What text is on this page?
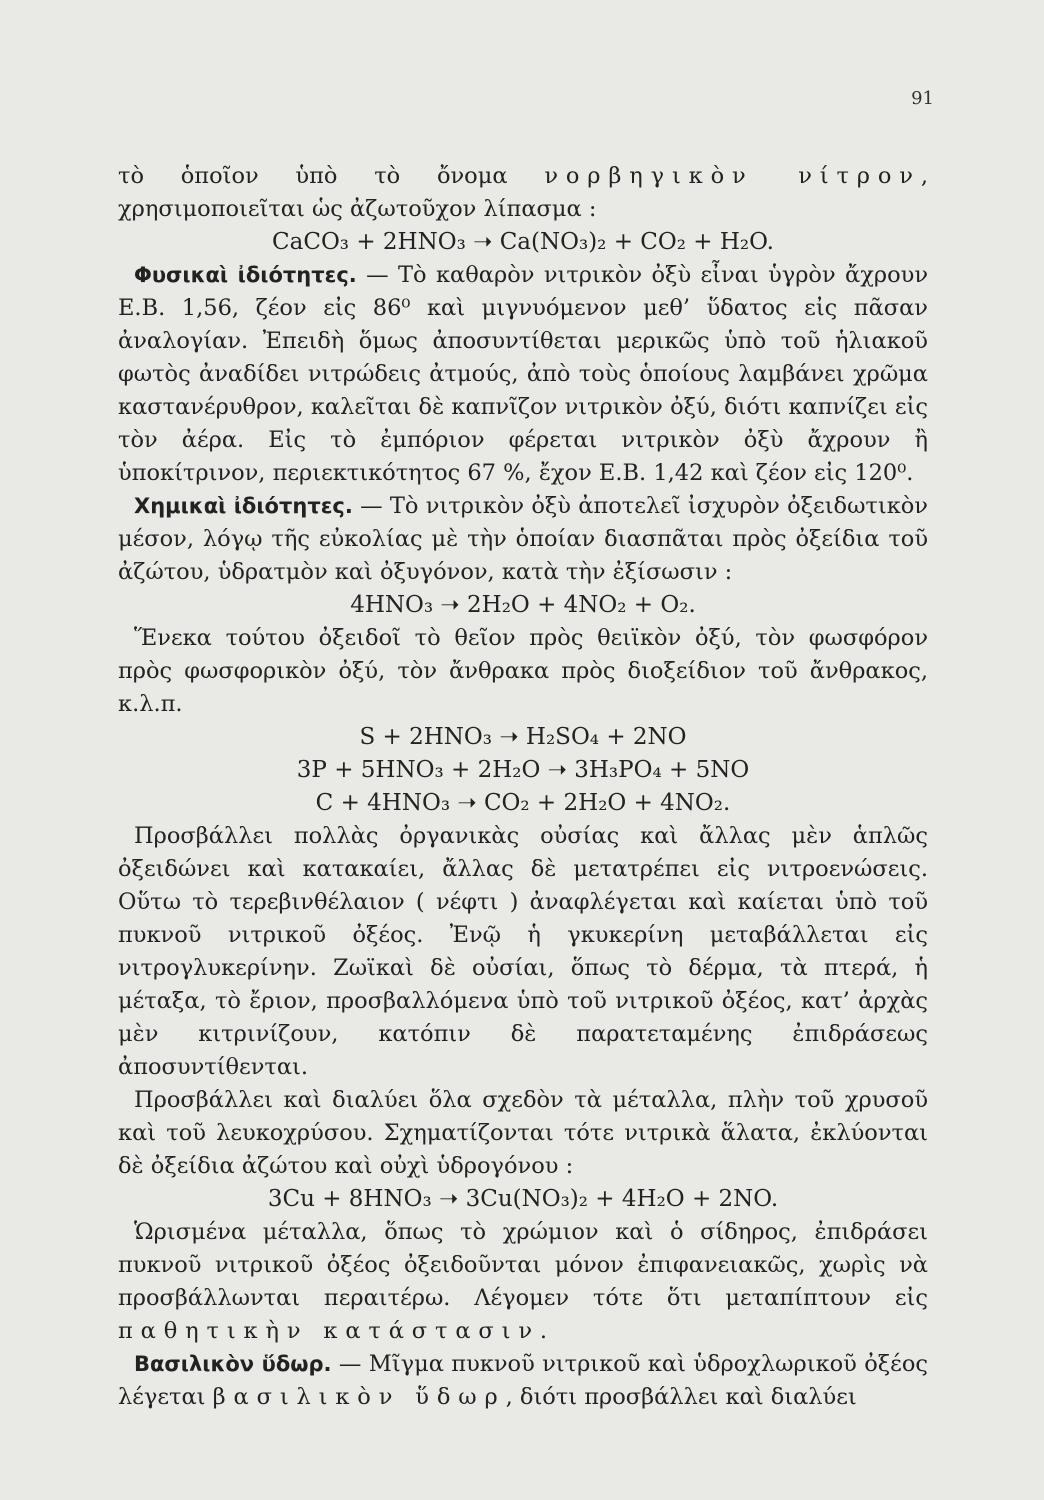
91

τὸ ὁποῖον ὑπὸ τὸ ὄνομα νορβηγικὸν νίτρον, χρησιμοποιεῖται ὡς ἀζωτοῦχον λίπασμα :

CaCO₃ + 2HNO₃ ➝ Ca(NO₃)₂ + CO₂ + H₂O.

Φυσικαὶ ἰδιότητες. — Τὸ καθαρὸν νιτρικὸν ὀξὺ εἶναι ὑγρὸν ἄχρουν Ε.Β. 1,56, ζέον εἰς 86⁰ καὶ μιγνυόμενον μεθ’ ὕδατος εἰς πᾶσαν ἀναλογίαν. Ἐπειδὴ ὅμως ἀποσυντίθεται μερικῶς ὑπὸ τοῦ ἡλιακοῦ φωτὸς ἀναδίδει νιτρώδεις ἀτμούς, ἀπὸ τοὺς ὁποίους λαμβάνει χρῶμα καστανέρυθρον, καλεῖται δὲ καπνῖζον νιτρικὸν ὀξύ, διότι καπνίζει εἰς τὸν ἀέρα. Εἰς τὸ ἐμπόριον φέρεται νιτρικὸν ὀξὺ ἄχρουν ἢ ὑποκίτρινον, περιεκτικότητος 67 %, ἔχον Ε.Β. 1,42 καὶ ζέον εἰς 120⁰.

Χημικαὶ ἰδιότητες. — Τὸ νιτρικὸν ὀξὺ ἀποτελεῖ ἰσχυρὸν ὀξειδωτικὸν μέσον, λόγῳ τῆς εὐκολίας μὲ τὴν ὁποίαν διασπᾶται πρὸς ὀξείδια τοῦ ἀζώτου, ὑδρατμὸν καὶ ὀξυγόνον, κατὰ τὴν ἐξίσωσιν :

4HNO₃ ➝ 2H₂O + 4NO₂ + O₂.

Ἕνεκα τούτου ὀξειδοῖ τὸ θεῖον πρὸς θειϊκὸν ὀξύ, τὸν φωσφόρον πρὸς φωσφορικὸν ὀξύ, τὸν ἄνθρακα πρὸς διοξείδιον τοῦ ἄνθρακος, κ.λ.π.

S + 2HNO₃ ➝ H₂SO₄ + 2NO

3P + 5HNO₃ + 2H₂O ➝ 3H₃PO₄ + 5NO

C + 4HNO₃ ➝ CO₂ + 2H₂O + 4NO₂.

Προσβάλλει πολλὰς ὀργανικὰς οὐσίας καὶ ἄλλας μὲν ἁπλῶς ὀξειδώνει καὶ κατακαίει, ἄλλας δὲ μετατρέπει εἰς νιτροενώσεις. Οὕτω τὸ τερεβινθέλαιον ( νέφτι ) ἀναφλέγεται καὶ καίεται ὑπὸ τοῦ πυκνοῦ νιτρικοῦ ὀξέος. Ἐνῷ ἡ γκυκερίνη μεταβάλλεται εἰς νιτρογλυκερίνην. Ζωϊκαὶ δὲ οὐσίαι, ὅπως τὸ δέρμα, τὰ πτερά, ἡ μέταξα, τὸ ἔριον, προσβαλλόμενα ὑπὸ τοῦ νιτρικοῦ ὀξέος, κατ’ ἀρχὰς μὲν κιτρινίζουν, κατόπιν δὲ παρατεταμένης ἐπιδράσεως ἀποσυντίθενται.

Προσβάλλει καὶ διαλύει ὅλα σχεδὸν τὰ μέταλλα, πλὴν τοῦ χρυσοῦ καὶ τοῦ λευκοχρύσου. Σχηματίζονται τότε νιτρικὰ ἅλατα, ἐκλύονται δὲ ὀξείδια ἀζώτου καὶ οὐχὶ ὑδρογόνου :

3Cu + 8HNO₃ ➝ 3Cu(NO₃)₂ + 4H₂O + 2NO.

Ὡρισμένα μέταλλα, ὅπως τὸ χρώμιον καὶ ὁ σίδηρος, ἐπιδράσει πυκνοῦ νιτρικοῦ ὀξέος ὀξειδοῦνται μόνον ἐπιφανειακῶς, χωρὶς νὰ προσβάλλωνται περαιτέρω. Λέγομεν τότε ὅτι μεταπίπτουν εἰς παθητικὴν κατάστασιν.

Βασιλικὸν ὕδωρ. — Μῖγμα πυκνοῦ νιτρικοῦ καὶ ὑδροχλωρικοῦ ὀξέος λέγεται βασιλικὸν ὕδωρ, διότι προσβάλλει καὶ διαλύει
